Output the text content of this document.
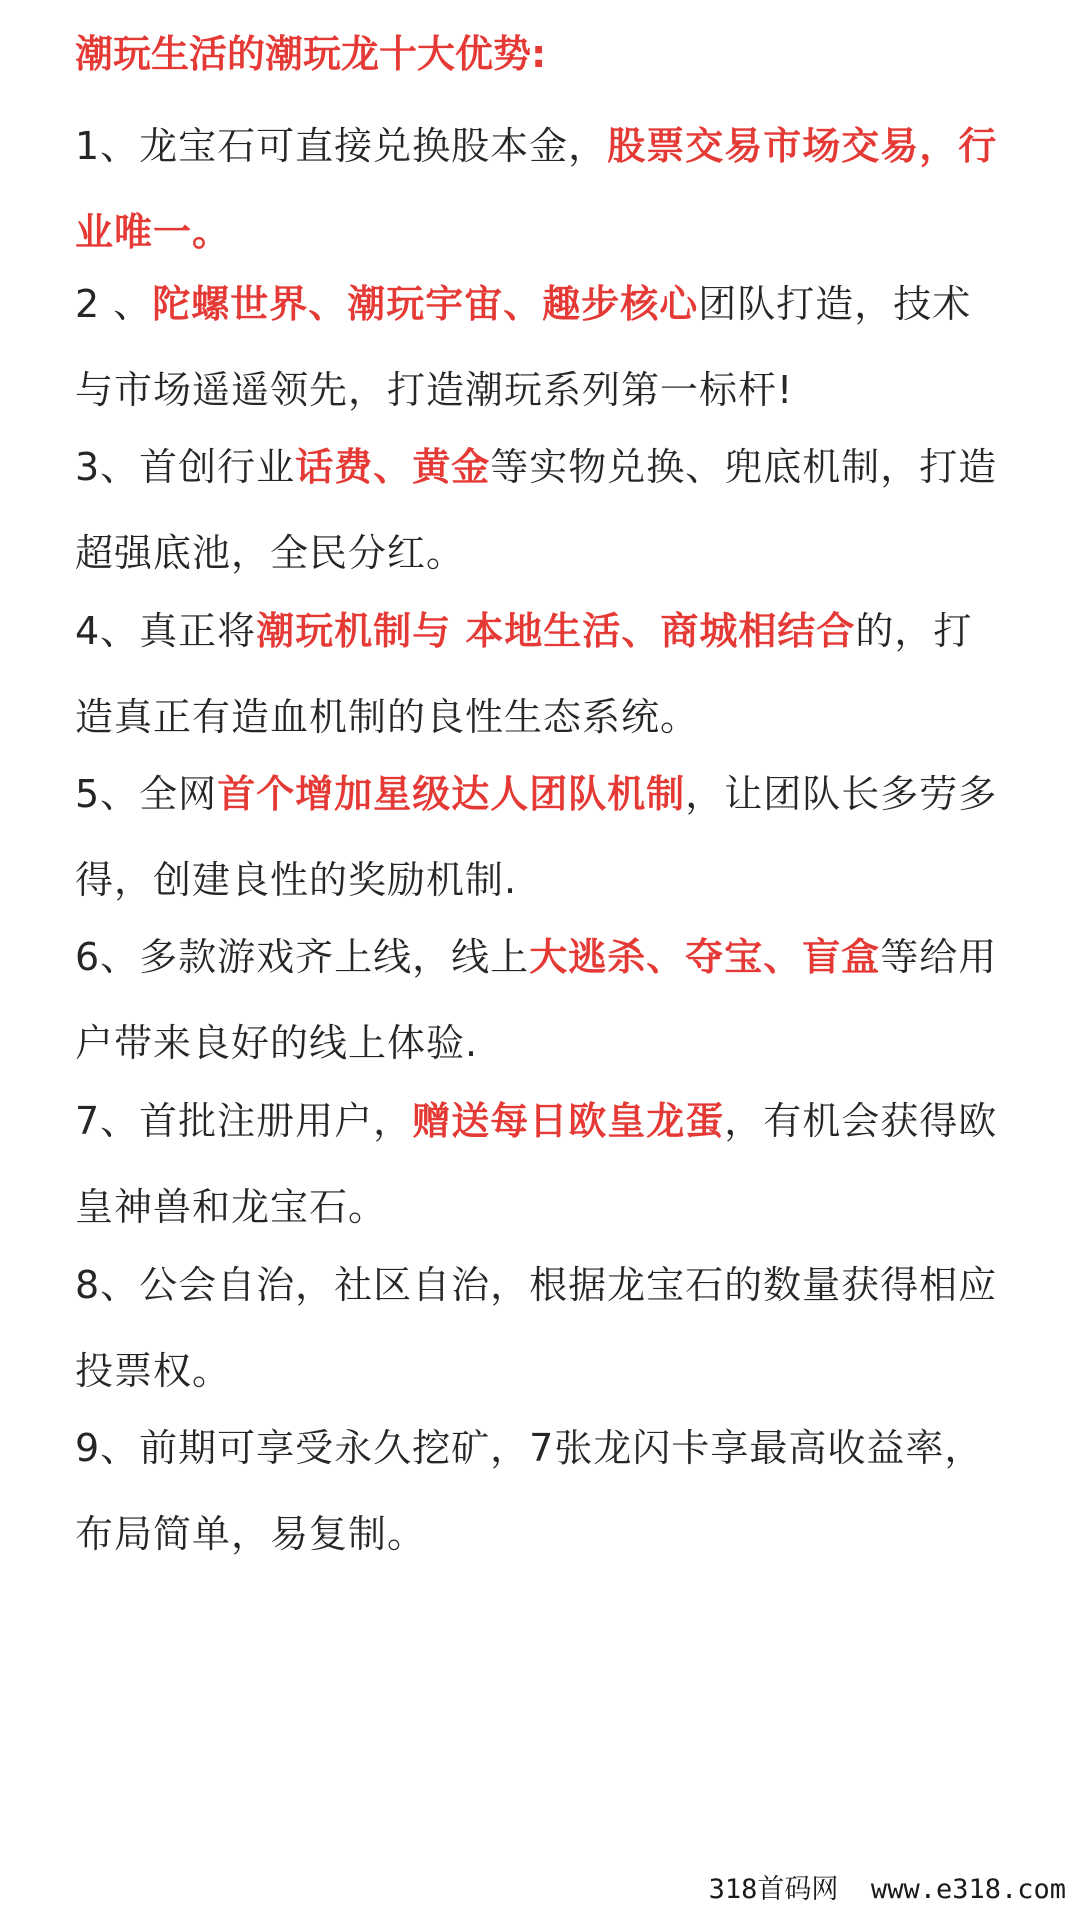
潮玩生活的潮玩龙十大优势:

1、龙宝石可直接兑换股本金，股票交易市场交易，行业唯一。

2 、陀螺世界、潮玩宇宙、趣步核心团队打造，技术与市场遥遥领先，打造潮玩系列第一标杆!

3、首创行业话费、黄金等实物兑换、兜底机制，打造超强底池，全民分红。

4、真正将潮玩机制与 本地生活、商城相结合的，打造真正有造血机制的良性生态系统。

5、全网首个增加星级达人团队机制，让团队长多劳多得，创建良性的奖励机制.

6、多款游戏齐上线，线上大逃杀、夺宝、盲盒等给用户带来良好的线上体验.

7、首批注册用户，赠送每日欧皇龙蛋，有机会获得欧皇神兽和龙宝石。

8、公会自治，社区自治，根据龙宝石的数量获得相应投票权。

9、前期可享受永久挖矿，7张龙闪卡享最高收益率，布局简单，易复制。

318首码网  www.e318.com
